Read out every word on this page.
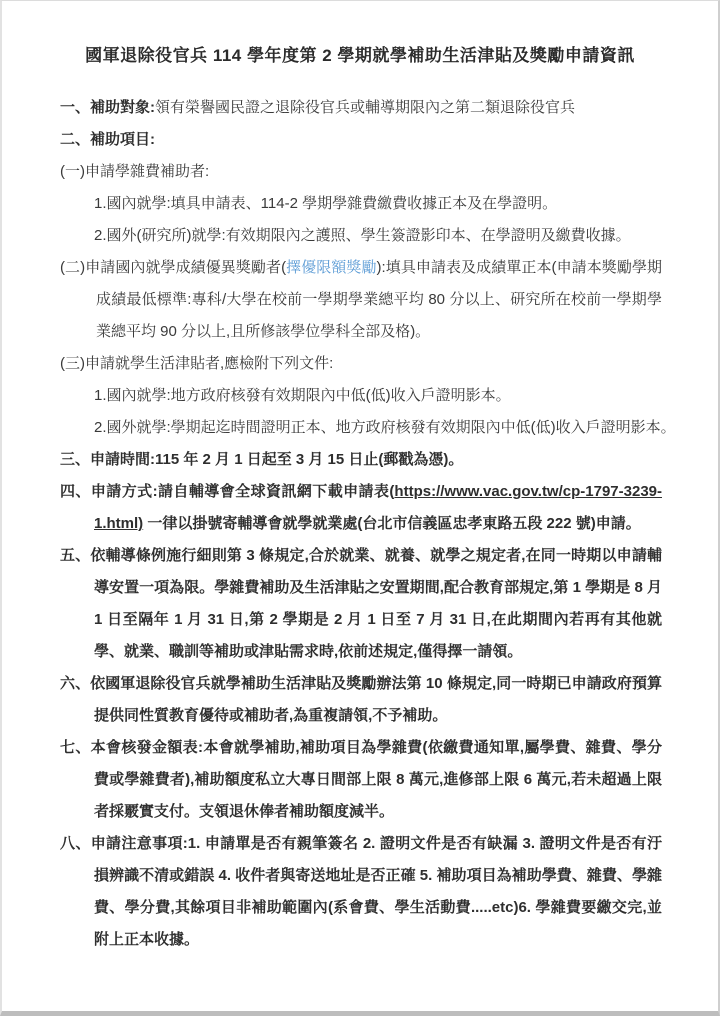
國軍退除役官兵 114 學年度第 2 學期就學補助生活津貼及獎勵申請資訊
一、補助對象:領有榮譽國民證之退除役官兵或輔導期限內之第二類退除役官兵
二、補助項目:
(一)申請學雜費補助者:
1.國內就學:填具申請表、114-2 學期學雜費繳費收據正本及在學證明。
2.國外(研究所)就學:有效期限內之護照、學生簽證影印本、在學證明及繳費收據。
(二)申請國內就學成績優異獎勵者(擇優限額獎勵):填具申請表及成績單正本(申請本獎勵學期成績最低標準:專科/大學在校前一學期學業總平均 80 分以上、研究所在校前一學期學業總平均 90 分以上,且所修該學位學科全部及格)。
(三)申請就學生活津貼者,應檢附下列文件:
1.國內就學:地方政府核發有效期限內中低(低)收入戶證明影本。
2.國外就學:學期起迄時間證明正本、地方政府核發有效期限內中低(低)收入戶證明影本。
三、申請時間:115 年 2 月 1 日起至 3 月 15 日止(郵戳為憑)。
四、申請方式:請自輔導會全球資訊網下載申請表(https://www.vac.gov.tw/cp-1797-3239-1.html) 一律以掛號寄輔導會就學就業處(台北市信義區忠孝東路五段 222 號)申請。
五、依輔導條例施行細則第 3 條規定,合於就業、就養、就學之規定者,在同一時期以申請輔導安置一項為限。學雜費補助及生活津貼之安置期間,配合教育部規定,第 1 學期是 8 月 1 日至隔年 1 月 31 日,第 2 學期是 2 月 1 日至 7 月 31 日,在此期間內若再有其他就學、就業、職訓等補助或津貼需求時,依前述規定,僅得擇一請領。
六、依國軍退除役官兵就學補助生活津貼及獎勵辦法第 10 條規定,同一時期已申請政府預算提供同性質教育優待或補助者,為重複請領,不予補助。
七、本會核發金額表:本會就學補助,補助項目為學雜費(依繳費通知單,屬學費、雜費、學分費或學雜費者),補助額度私立大專日間部上限 8 萬元,進修部上限 6 萬元,若未超過上限者採覈實支付。支領退休俸者補助額度減半。
八、申請注意事項:1. 申請單是否有親筆簽名 2. 證明文件是否有缺漏 3. 證明文件是否有汙損辨識不清或錯誤 4. 收件者與寄送地址是否正確 5. 補助項目為補助學費、雜費、學雜費、學分費,其餘項目非補助範圍內(系會費、學生活動費.....etc)6. 學雜費要繳交完,並附上正本收據。
